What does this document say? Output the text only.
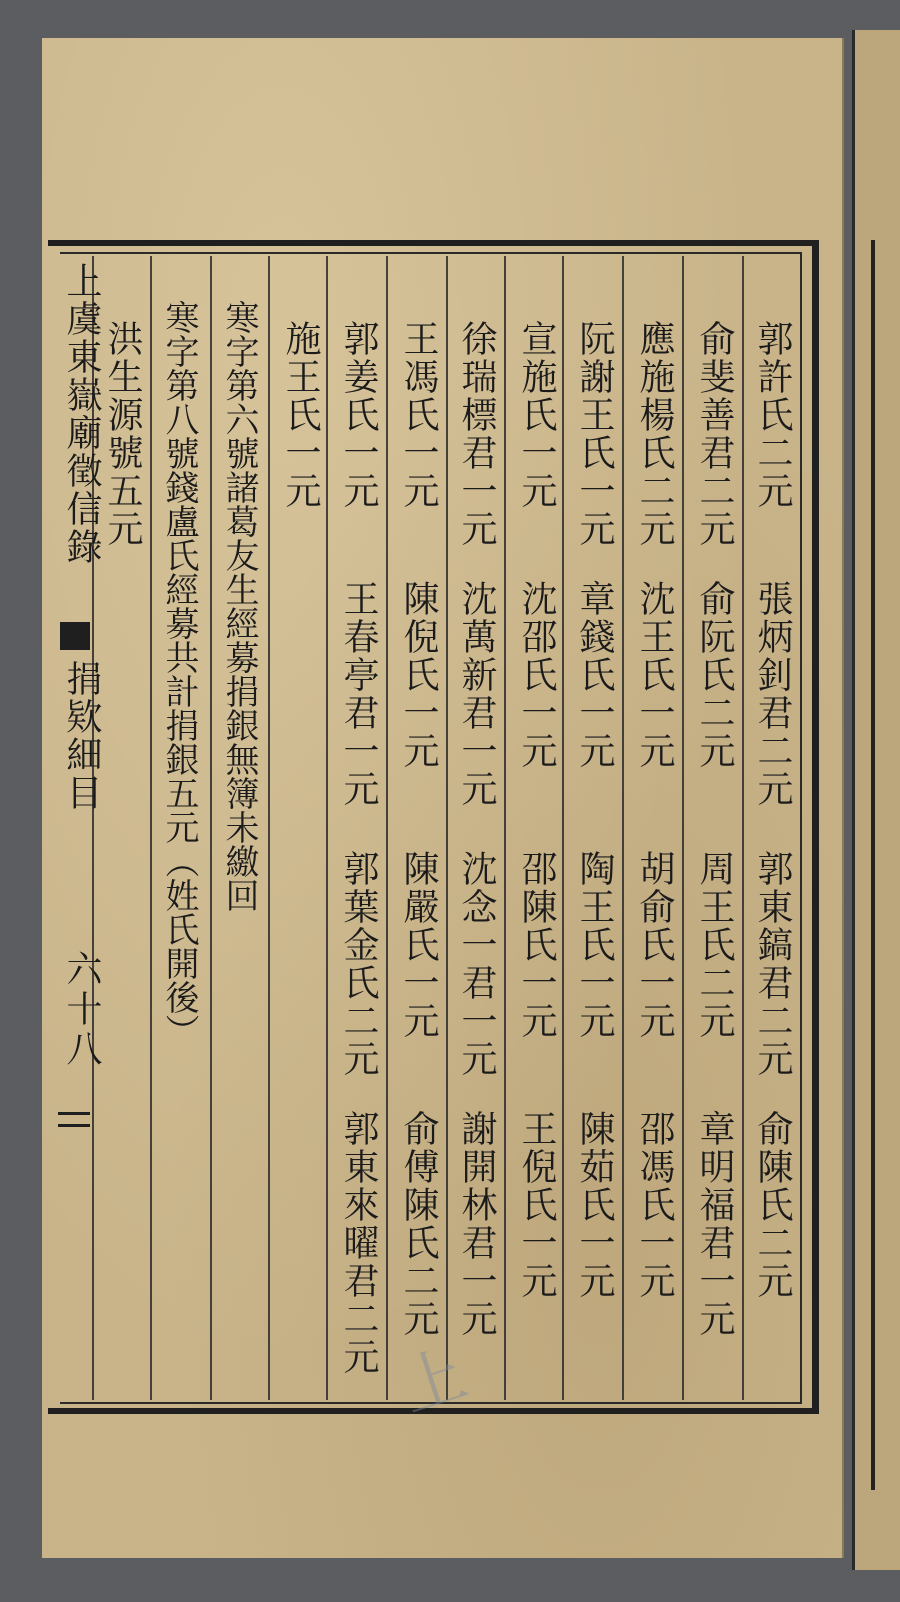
上虞東嶽廟徵信錄
捐欵細目
六十八
郭許氏二元
張炳釗君二元
郭東鎬君二元
俞陳氏二元
俞斐善君二元
俞阮氏二元
周王氏二元
章明福君一元
應施楊氏二元
沈王氏一元
胡俞氏一元
邵馮氏一元
阮謝王氏一元
章錢氏一元
陶王氏一元
陳茹氏一元
宣施氏一元
沈邵氏一元
邵陳氏一元
王倪氏一元
徐瑞標君一元
沈萬新君一元
沈念一君一元
謝開林君一元
王馮氏一元
陳倪氏一元
陳嚴氏一元
俞傅陳氏二元
郭姜氏一元
王春亭君一元
郭葉金氏二元
郭東來曜君二元
施王氏一元
寒字第六號諸葛友生經募捐銀無簿未繳回
寒字第八號錢盧氏經募共計捐銀五元（姓氏開後）
洪生源號五元
上
